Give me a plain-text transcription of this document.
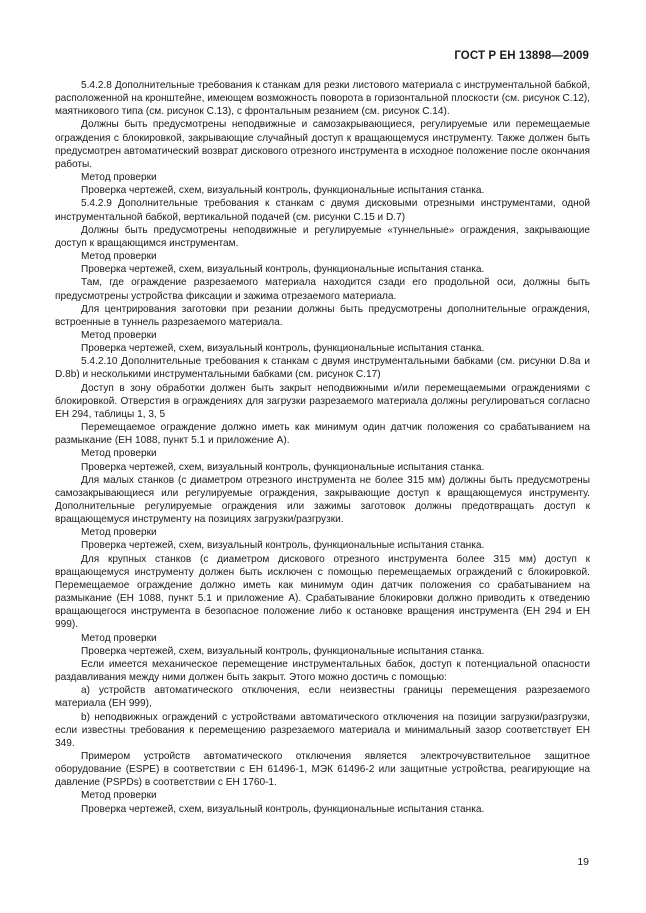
ГОСТ Р ЕН 13898—2009

5.4.2.8 Дополнительные требования к станкам для резки листового материала с инструментальной бабкой, расположенной на кронштейне, имеющем возможность поворота в горизонтальной плоскости (см. рисунок С.12), маятникового типа (см. рисунок С.13), с фронтальным резанием (см. рисунок С.14).

Должны быть предусмотрены неподвижные и самозакрывающиеся, регулируемые или перемещаемые ограждения с блокировкой, закрывающие случайный доступ к вращающемуся инструменту. Также должен быть предусмотрен автоматический возврат дискового отрезного инструмента в исходное положение после окончания работы.

Метод проверки

Проверка чертежей, схем, визуальный контроль, функциональные испытания станка.

5.4.2.9 Дополнительные требования к станкам с двумя дисковыми отрезными инструментами, одной инструментальной бабкой, вертикальной подачей (см. рисунки С.15 и D.7)

Должны быть предусмотрены неподвижные и регулируемые «туннельные» ограждения, закрывающие доступ к вращающимся инструментам.

Метод проверки

Проверка чертежей, схем, визуальный контроль, функциональные испытания станка.

Там, где ограждение разрезаемого материала находится сзади его продольной оси, должны быть предусмотрены устройства фиксации и зажима отрезаемого материала.

Для центрирования заготовки при резании должны быть предусмотрены дополнительные ограждения, встроенные в туннель разрезаемого материала.

Метод проверки

Проверка чертежей, схем, визуальный контроль, функциональные испытания станка.

5.4.2.10 Дополнительные требования к станкам с двумя инструментальными бабками (см. рисунки D.8a и D.8b) и несколькими инструментальными бабками (см. рисунок С.17)

Доступ в зону обработки должен быть закрыт неподвижными и/или перемещаемыми ограждениями с блокировкой. Отверстия в ограждениях для загрузки разрезаемого материала должны регулироваться согласно ЕН 294, таблицы 1, 3, 5

Перемещаемое ограждение должно иметь как минимум один датчик положения со срабатыванием на размыкание (ЕН 1088, пункт 5.1 и приложение А).

Метод проверки

Проверка чертежей, схем, визуальный контроль, функциональные испытания станка.

Для малых станков (с диаметром отрезного инструмента не более 315 мм) должны быть предусмотрены самозакрывающиеся или регулируемые ограждения, закрывающие доступ к вращающемуся инструменту. Дополнительные регулируемые ограждения или зажимы заготовок должны предотвращать доступ к вращающемуся инструменту на позициях загрузки/разгрузки.

Метод проверки

Проверка чертежей, схем, визуальный контроль, функциональные испытания станка.

Для крупных станков (с диаметром дискового отрезного инструмента более 315 мм) доступ к вращающемуся инструменту должен быть исключен с помощью перемещаемых ограждений с блокировкой. Перемещаемое ограждение должно иметь как минимум один датчик положения со срабатыванием на размыкание (ЕН 1088, пункт 5.1 и приложение А). Срабатывание блокировки должно приводить к отведению вращающегося инструмента в безопасное положение либо к остановке вращения инструмента (ЕН 294 и ЕН 999).

Метод проверки

Проверка чертежей, схем, визуальный контроль, функциональные испытания станка.

Если имеется механическое перемещение инструментальных бабок, доступ к потенциальной опасности раздавливания между ними должен быть закрыт. Этого можно достичь с помощью:

а) устройств автоматического отключения, если неизвестны границы перемещения разрезаемого материала (ЕН 999),

b) неподвижных ограждений с устройствами автоматического отключения на позиции загрузки/разгрузки, если известны требования к перемещению разрезаемого материала и минимальный зазор соответствует ЕН 349.

Примером устройств автоматического отключения является электрочувствительное защитное оборудование (ESPE) в соответствии с ЕН 61496-1, МЭК 61496-2 или защитные устройства, реагирующие на давление (PSPDs) в соответствии с ЕН 1760-1.

Метод проверки

Проверка чертежей, схем, визуальный контроль, функциональные испытания станка.

19
